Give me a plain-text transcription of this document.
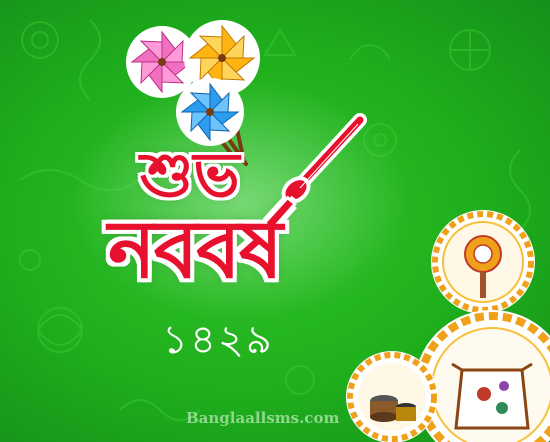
শুভ
নববর্ষ
১৪২৯
Banglaallsms.com
